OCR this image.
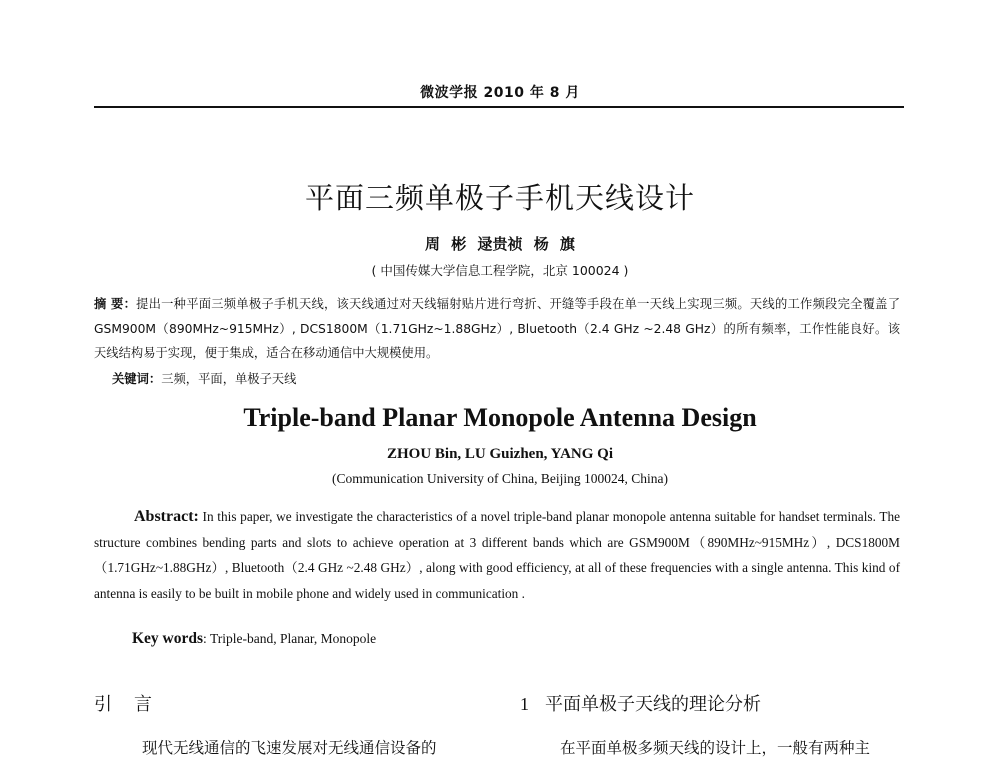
微波学报 2010 年 8 月
平面三频单极子手机天线设计
周 彬 逯贵祯 杨 旗
( 中国传媒大学信息工程学院，北京 100024 )
摘 要：提出一种平面三频单极子手机天线，该天线通过对天线辐射贴片进行弯折、开缝等手段在单一天线上实现三频。天线的工作频段完全覆盖了 GSM900M（890MHz~915MHz）, DCS1800M（1.71GHz~1.88GHz）, Bluetooth（2.4 GHz ~2.48 GHz）的所有频率，工作性能良好。该天线结构易于实现，便于集成，适合在移动通信中大规模使用。
关键词：三频，平面，单极子天线
Triple-band Planar Monopole Antenna Design
ZHOU Bin, LU Guizhen, YANG Qi
(Communication University of China, Beijing 100024, China)
Abstract: In this paper, we investigate the characteristics of a novel triple-band planar monopole antenna suitable for handset terminals. The structure combines bending parts and slots to achieve operation at 3 different bands which are GSM900M（890MHz~915MHz）, DCS1800M（1.71GHz~1.88GHz）, Bluetooth（2.4 GHz ~2.48 GHz）, along with good efficiency, at all of these frequencies with a single antenna. This kind of antenna is easily to be built in mobile phone and widely used in communication .
Key words: Triple-band, Planar, Monopole
引 言	1 平面单极子天线的理论分析
现代无线通信的飞速发展对无线通信设备的	在平面单极多频天线的设计上，一般有两种主
